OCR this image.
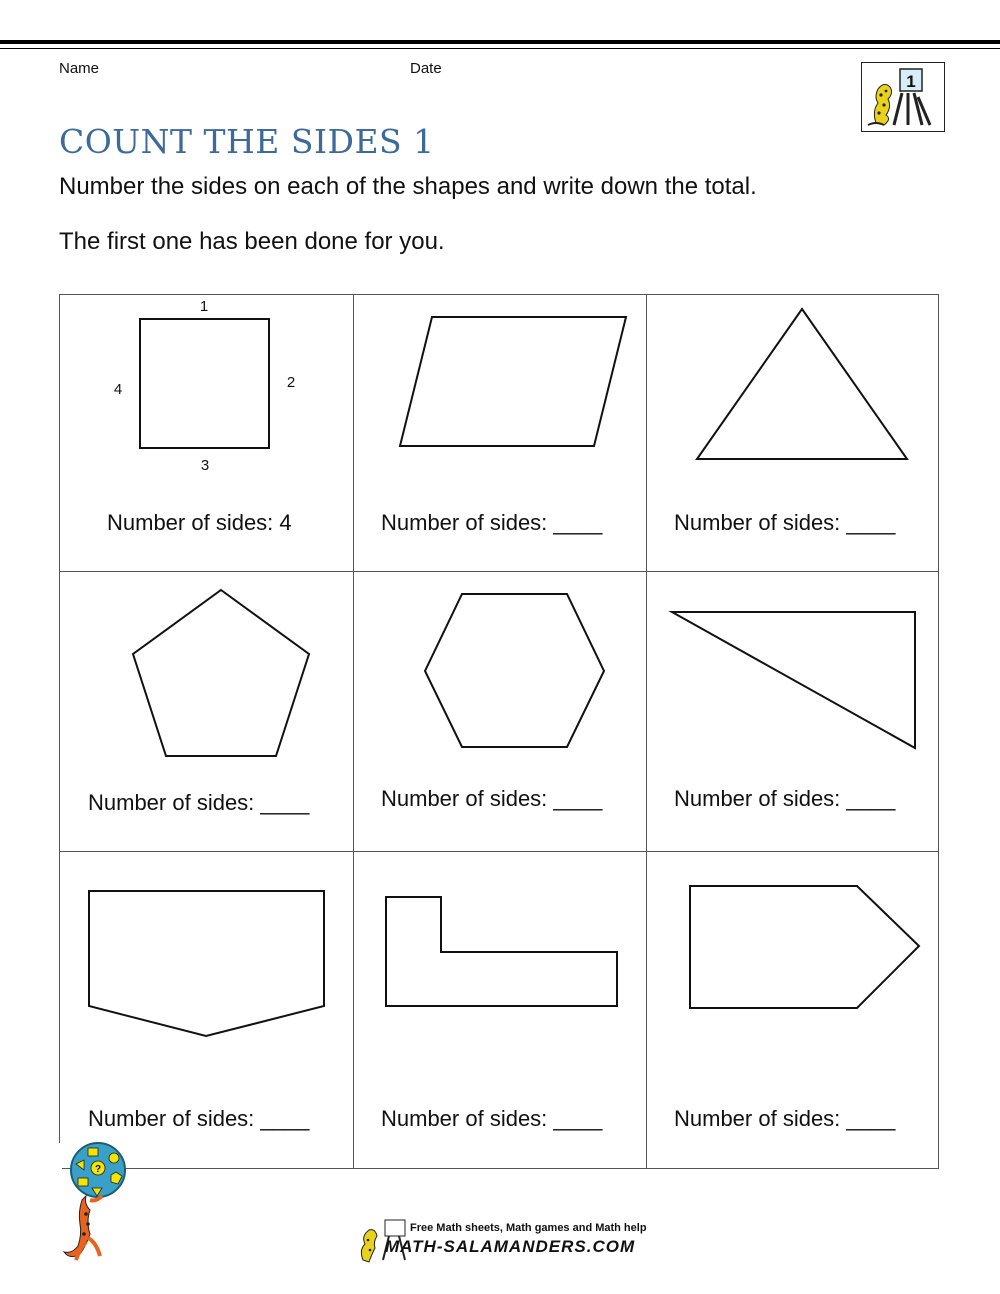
Name	Date
1
COUNT THE SIDES 1
Number the sides on each of the shapes and write down the total.
The first one has been done for you.
1
2
3
4
Number of sides: 4	Number of sides: ____	Number of sides: ____
Number of sides: ____	Number of sides: ____	Number of sides: ____
Number of sides: ____	Number of sides: ____	Number of sides: ____
?
Free Math sheets, Math games and Math help
MATH-SALAMANDERS.COM
